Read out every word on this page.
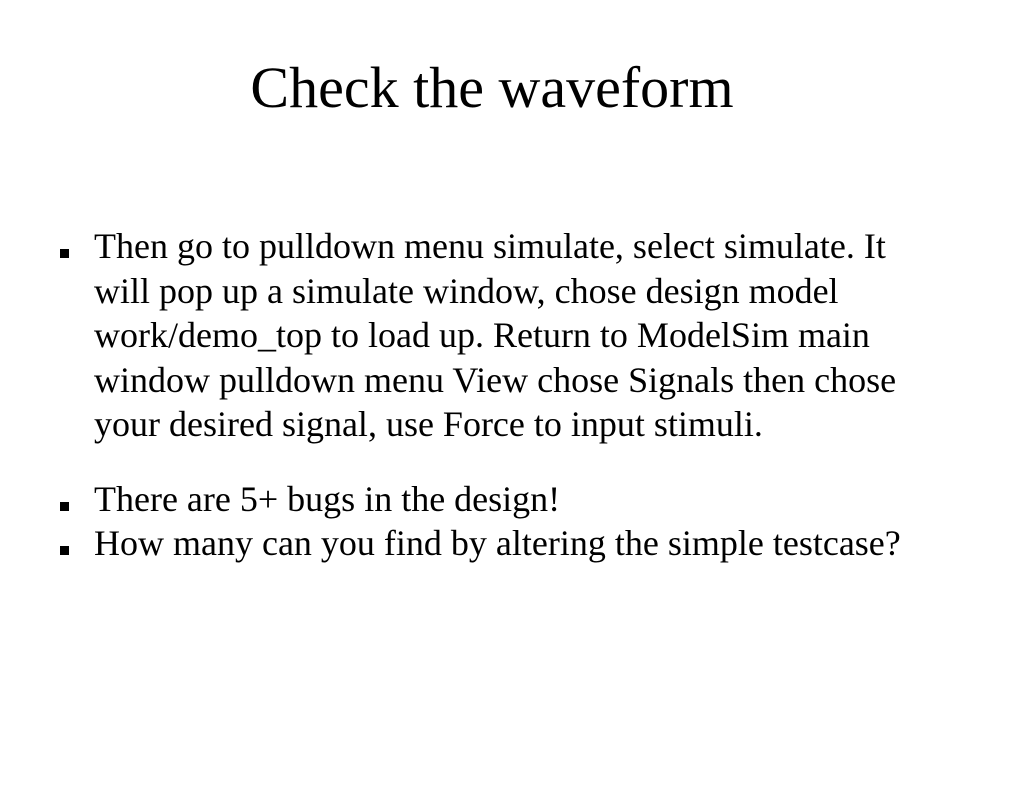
Check the waveform
Then go to pulldown menu simulate, select simulate. It will pop up a simulate window, chose design model work/demo_top to load up. Return to ModelSim main window pulldown menu View chose Signals then chose your desired signal, use Force to input stimuli.
There are 5+ bugs in the design!
How many can you find by altering the simple testcase?
